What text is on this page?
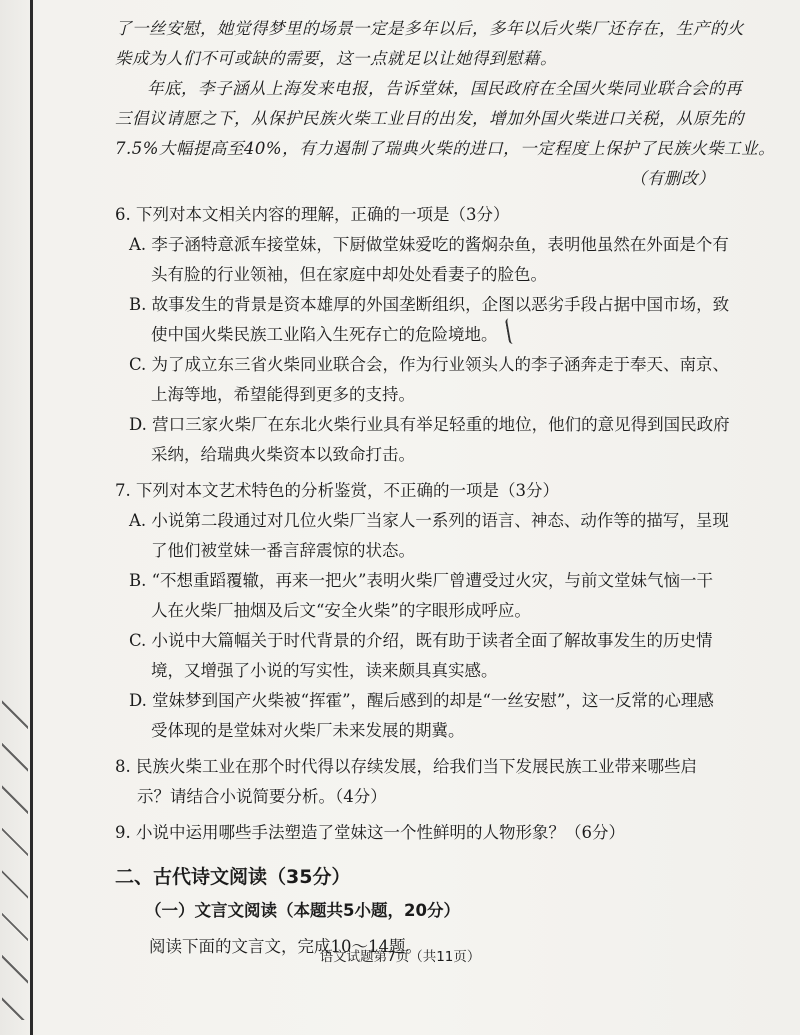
了一丝安慰，她觉得梦里的场景一定是多年以后，多年以后火柴厂还存在，生产的火

柴成为人们不可或缺的需要，这一点就足以让她得到慰藉。

年底，李子涵从上海发来电报，告诉堂妹，国民政府在全国火柴同业联合会的再

三倡议请愿之下，从保护民族火柴工业目的出发，增加外国火柴进口关税，从原先的

7.5%大幅提高至40%，有力遏制了瑞典火柴的进口，一定程度上保护了民族火柴工业。

（有删改）

6. 下列对本文相关内容的理解，正确的一项是（3分）

A. 李子涵特意派车接堂妹，下厨做堂妹爱吃的酱焖杂鱼，表明他虽然在外面是个有

头有脸的行业领袖，但在家庭中却处处看妻子的脸色。

B. 故事发生的背景是资本雄厚的外国垄断组织，企图以恶劣手段占据中国市场，致

使中国火柴民族工业陷入生死存亡的危险境地。

C. 为了成立东三省火柴同业联合会，作为行业领头人的李子涵奔走于奉天、南京、

上海等地，希望能得到更多的支持。

D. 营口三家火柴厂在东北火柴行业具有举足轻重的地位，他们的意见得到国民政府

采纳，给瑞典火柴资本以致命打击。

7. 下列对本文艺术特色的分析鉴赏，不正确的一项是（3分）

A. 小说第二段通过对几位火柴厂当家人一系列的语言、神态、动作等的描写，呈现

了他们被堂妹一番言辞震惊的状态。

B. “不想重蹈覆辙，再来一把火”表明火柴厂曾遭受过火灾，与前文堂妹气恼一干

人在火柴厂抽烟及后文“安全火柴”的字眼形成呼应。

C. 小说中大篇幅关于时代背景的介绍，既有助于读者全面了解故事发生的历史情

境，又增强了小说的写实性，读来颇具真实感。

D. 堂妹梦到国产火柴被“挥霍”，醒后感到的却是“一丝安慰”，这一反常的心理感

受体现的是堂妹对火柴厂未来发展的期冀。

8. 民族火柴工业在那个时代得以存续发展，给我们当下发展民族工业带来哪些启

示？请结合小说简要分析。（4分）

9. 小说中运用哪些手法塑造了堂妹这一个性鲜明的人物形象？（6分）

二、古代诗文阅读（35分）

（一）文言文阅读（本题共5小题，20分）

阅读下面的文言文，完成10～14题。

语文试题第7页（共11页）
